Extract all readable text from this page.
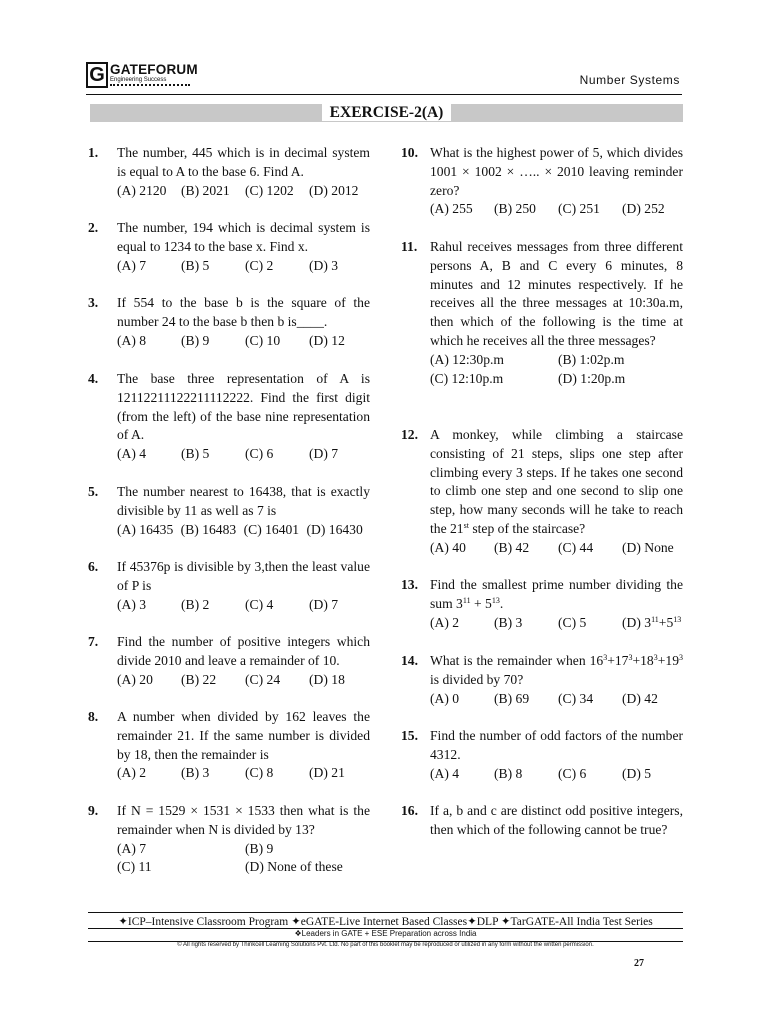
G GATEFORUM
Engineering Success	Number Systems
EXERCISE-2(A)
1. The number, 445 which is in decimal system is equal to A to the base 6. Find A.
(A) 2120	(B) 2021	(C) 1202	(D) 2012
2. The number, 194 which is decimal system is equal to 1234 to the base x. Find x.
(A) 7	(B) 5	(C) 2	(D) 3
3. If 554 to the base b is the square of the number 24 to the base b then b is____.
(A) 8	(B) 9	(C) 10	(D) 12
4. The base three representation of A is 12112211122211112222. Find the first digit (from the left) of the base nine representation of A.
(A) 4	(B) 5	(C) 6	(D) 7
5. The number nearest to 16438, that is exactly divisible by 11 as well as 7 is
(A) 16435 (B) 16483 (C) 16401 (D) 16430
6. If 45376p is divisible by 3,then the least value of P is
(A) 3	(B) 2	(C) 4	(D) 7
7. Find the number of positive integers which divide 2010 and leave a remainder of 10.
(A) 20	(B) 22	(C) 24	(D) 18
8. A number when divided by 162 leaves the remainder 21. If the same number is divided by 18, then the remainder is
(A) 2	(B) 3	(C) 8	(D) 21
9. If N = 1529 × 1531 × 1533 then what is the remainder when N is divided by 13?
(A) 7	(B) 9
(C) 11	(D) None of these
10. What is the highest power of 5, which divides 1001 × 1002 × ….. × 2010 leaving reminder zero?
(A) 255	(B) 250	(C) 251	(D) 252
11. Rahul receives messages from three different persons A, B and C every 6 minutes, 8 minutes and 12 minutes respectively. If he receives all the three messages at 10:30a.m, then which of the following is the time at which he receives all the three messages?
(A) 12:30p.m	(B) 1:02p.m
(C) 12:10p.m	(D) 1:20p.m
12. A monkey, while climbing a staircase consisting of 21 steps, slips one step after climbing every 3 steps. If he takes one second to climb one step and one second to slip one step, how many seconds will he take to reach the 21st step of the staircase?
(A) 40	(B) 42	(C) 44	(D) None
13. Find the smallest prime number dividing the sum $3^{11} + 5^{13}$.
(A) 2	(B) 3	(C) 5	(D) $3^{11}+5^{13}$
14. What is the remainder when $16^3+17^3+18^3+19^3$ is divided by 70?
(A) 0	(B) 69	(C) 34	(D) 42
15. Find the number of odd factors of the number 4312.
(A) 4	(B) 8	(C) 6	(D) 5
16. If a, b and c are distinct odd positive integers, then which of the following cannot be true?
✦ICP–Intensive Classroom Program ✦eGATE-Live Internet Based Classes✦DLP ✦TarGATE-All India Test Series
❖Leaders in GATE + ESE Preparation across India
© All rights reserved by Thinkcell Learning Solutions Pvt. Ltd. No part of this booklet may be reproduced or utilized in any form without the written permission.
27
